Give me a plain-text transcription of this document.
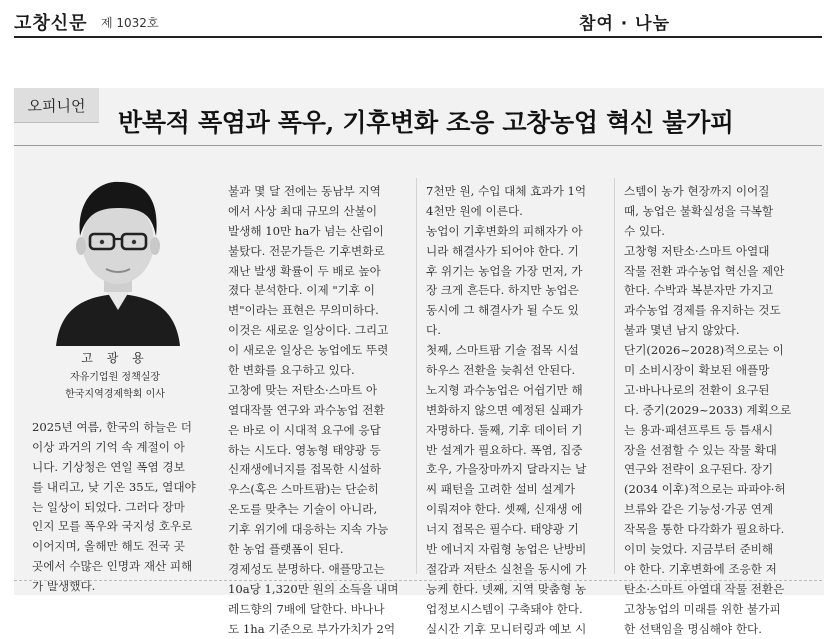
고창신문 제 1032호	참여 · 나눔
오피니언
반복적 폭염과 폭우, 기후변화 조응 고창농업 혁신 불가피
고 광 용
자유기업원 정책실장
한국지역경제학회 이사
2025년 여름, 한국의 하늘은 더
이상 과거의 기억 속 계절이 아
니다. 기상청은 연일 폭염 경보
를 내리고, 낮 기온 35도, 열대야
는 일상이 되었다. 그러다 장마
인지 모를 폭우와 국지성 호우로
이어지며, 올해만 해도 전국 곳
곳에서 수많은 인명과 재산 피해
가 발생했다.
불과 몇 달 전에는 동남부 지역
에서 사상 최대 규모의 산불이
발생해 10만 ha가 넘는 산림이
불탔다. 전문가들은 기후변화로
재난 발생 확률이 두 배로 높아
졌다 분석한다. 이제 "기후 이
변"이라는 표현은 무의미하다.
이것은 새로운 일상이다. 그리고
이 새로운 일상은 농업에도 뚜렷
한 변화를 요구하고 있다.
고창에 맞는 저탄소·스마트 아
열대작물 연구와 과수농업 전환
은 바로 이 시대적 요구에 응답
하는 시도다. 영농형 태양광 등
신재생에너지를 접목한 시설하
우스(혹은 스마트팜)는 단순히
온도를 맞추는 기술이 아니라,
기후 위기에 대응하는 지속 가능
한 농업 플랫폼이 된다.
경제성도 분명하다. 애플망고는
10a당 1,320만 원의 소득을 내며
레드향의 7배에 달한다. 바나나
도 1ha 기준으로 부가가치가 2억
7천만 원, 수입 대체 효과가 1억
4천만 원에 이른다.
농업이 기후변화의 피해자가 아
니라 해결사가 되어야 한다. 기
후 위기는 농업을 가장 먼저, 가
장 크게 흔든다. 하지만 농업은
동시에 그 해결사가 될 수도 있
다.
첫째, 스마트팜 기술 접목 시설
하우스 전환을 늦춰선 안된다.
노지형 과수농업은 어쉽기만 해
변화하지 않으면 예정된 실패가
자명하다. 둘째, 기후 데이터 기
반 설계가 필요하다. 폭염, 집중
호우, 가을장마까지 달라지는 날
씨 패턴을 고려한 설비 설계가
이뤄져야 한다. 셋째, 신재생 에
너지 접목은 필수다. 태양광 기
반 에너지 자립형 농업은 난방비
절감과 저탄소 실천을 동시에 가
능케 한다. 넷째, 지역 맞춤형 농
업정보시스템이 구축돼야 한다.
실시간 기후 모니터링과 예보 시
스템이 농가 현장까지 이어질
때, 농업은 불확실성을 극복할
수 있다.
고창형 저탄소·스마트 아열대
작물 전환 과수농업 혁신을 제안
한다. 수박과 복분자만 가지고
과수농업 경제를 유지하는 것도
불과 몇년 남지 않았다.
단기(2026~2028)적으로는 이
미 소비시장이 확보된 애플망
고·바나나로의 전환이 요구된
다. 중기(2029~2033) 계획으로
는 용과·패션프루트 등 틈새시
장을 선점할 수 있는 작물 확대
연구와 전략이 요구된다. 장기
(2034 이후)적으로는 파파야·허
브류와 같은 기능성·가공 연계
작목을 통한 다각화가 필요하다.
이미 늦었다. 지금부터 준비해
야 한다. 기후변화에 조응한 저
탄소·스마트 아열대 작물 전환은
고창농업의 미래를 위한 불가피
한 선택임을 명심해야 한다.
